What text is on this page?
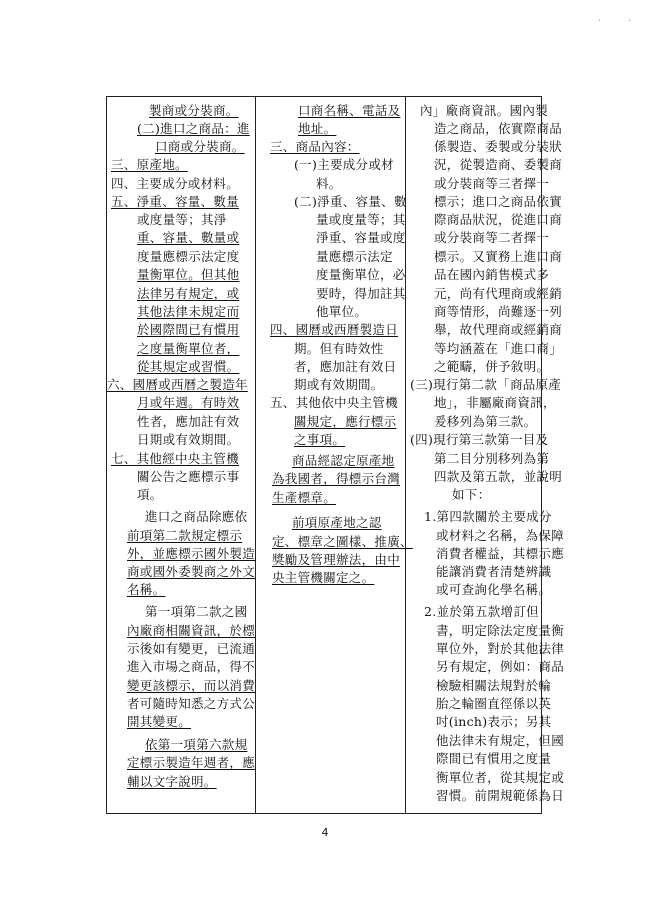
·	·
製商或分裝商。
(二)進口之商品：進
口商或分裝商。
三、原產地。
四、主要成分或材料。
五、淨重、容量、數量
或度量等；其淨
重、容量、數量或
度量應標示法定度
量衡單位。但其他
法律另有規定，或
其他法律未規定而
於國際間已有慣用
之度量衡單位者，
從其規定或習慣。
六、國曆或西曆之製造年
月或年週。有時效
性者，應加註有效
日期或有效期間。
七、其他經中央主管機
關公告之應標示事
項。
進口之商品除應依
前項第二款規定標示
外，並應標示國外製造
商或國外委製商之外文
名稱。
第一項第二款之國
內廠商相關資訊，於標
示後如有變更，已流通
進入市場之商品，得不
變更該標示，而以消費
者可隨時知悉之方式公
開其變更。
依第一項第六款規
定標示製造年週者，應
輔以文字說明。
口商名稱、電話及
地址。
三、商品內容：
(一)主要成分或材
料。
(二)淨重、容量、數
量或度量等；其
淨重、容量或度
量應標示法定
度量衡單位，必
要時，得加註其
他單位。
四、國曆或西曆製造日
期。但有時效性
者，應加註有效日
期或有效期間。
五、其他依中央主管機
關規定，應行標示
之事項。
商品經認定原產地
為我國者，得標示台灣
生產標章。
前項原產地之認
定、標章之圖樣、推廣、
獎勵及管理辦法，由中
央主管機關定之。
內」廠商資訊。國內製
造之商品，依實際商品
係製造、委製或分裝狀
況，從製造商、委製商
或分裝商等三者擇一
標示；進口之商品依實
際商品狀況，從進口商
或分裝商等二者擇一
標示。又實務上進口商
品在國內銷售模式多
元，尚有代理商或經銷
商等情形，尚難逐一列
舉，故代理商或經銷商
等均涵蓋在「進口商」
之範疇，併予敘明。
(三)現行第二款「商品原產
地」，非屬廠商資訊，
爰移列為第三款。
(四)現行第三款第一目及
第二目分別移列為第
四款及第五款，並說明
如下：
1.第四款關於主要成分
或材料之名稱，為保障
消費者權益，其標示應
能讓消費者清楚辨識
或可查詢化學名稱。
2.並於第五款增訂但
書，明定除法定度量衡
單位外，對於其他法律
另有規定，例如：商品
檢驗相關法規對於輪
胎之輪圈直徑係以英
吋(inch)表示；另其
他法律未有規定，但國
際間已有慣用之度量
衡單位者，從其規定或
習慣。前開規範係為日
4
